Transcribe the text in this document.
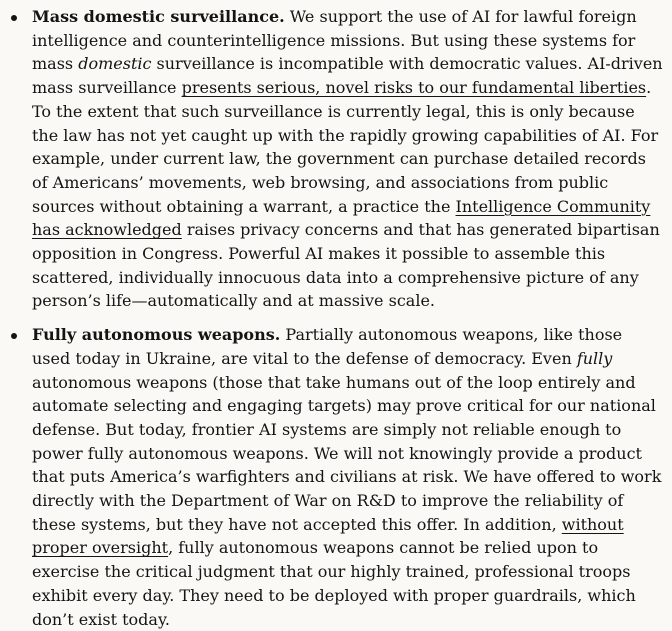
Mass domestic surveillance. We support the use of AI for lawful foreign intelligence and counterintelligence missions. But using these systems for mass domestic surveillance is incompatible with democratic values. AI-driven mass surveillance presents serious, novel risks to our fundamental liberties. To the extent that such surveillance is currently legal, this is only because the law has not yet caught up with the rapidly growing capabilities of AI. For example, under current law, the government can purchase detailed records of Americans’ movements, web browsing, and associations from public sources without obtaining a warrant, a practice the Intelligence Community has acknowledged raises privacy concerns and that has generated bipartisan opposition in Congress. Powerful AI makes it possible to assemble this scattered, individually innocuous data into a comprehensive picture of any person’s life—automatically and at massive scale.
Fully autonomous weapons. Partially autonomous weapons, like those used today in Ukraine, are vital to the defense of democracy. Even fully autonomous weapons (those that take humans out of the loop entirely and automate selecting and engaging targets) may prove critical for our national defense. But today, frontier AI systems are simply not reliable enough to power fully autonomous weapons. We will not knowingly provide a product that puts America’s warfighters and civilians at risk. We have offered to work directly with the Department of War on R&D to improve the reliability of these systems, but they have not accepted this offer. In addition, without proper oversight, fully autonomous weapons cannot be relied upon to exercise the critical judgment that our highly trained, professional troops exhibit every day. They need to be deployed with proper guardrails, which don’t exist today.
